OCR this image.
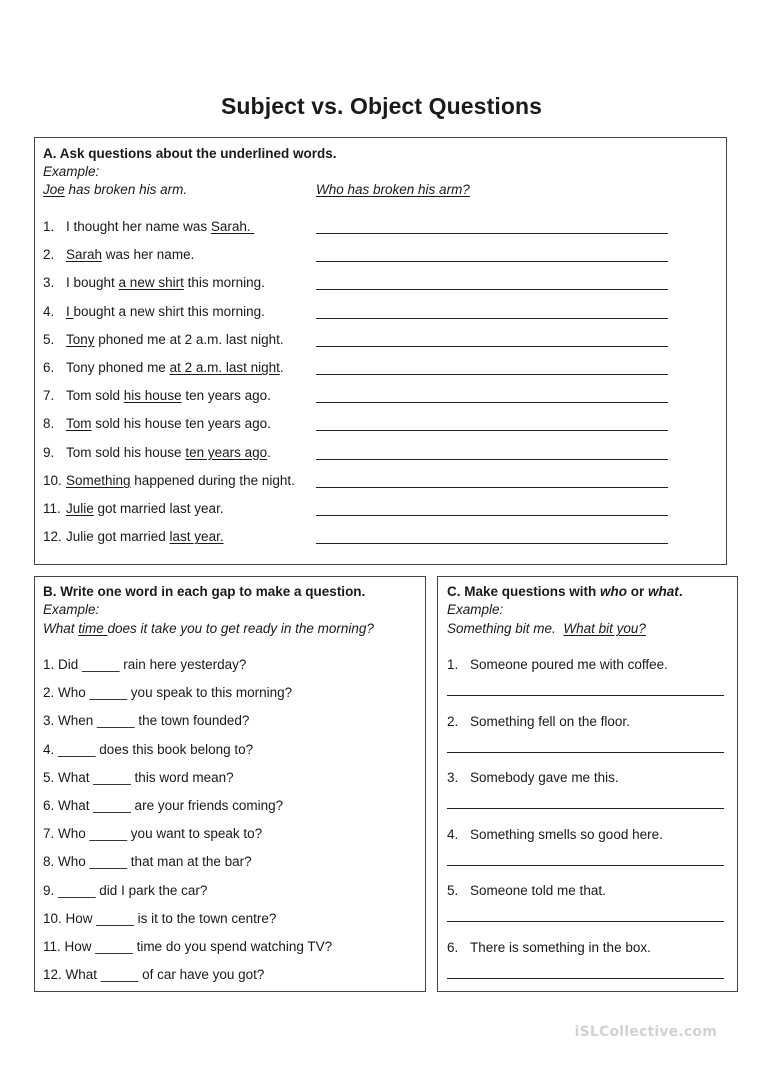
Subject vs. Object Questions
A. Ask questions about the underlined words.
Example:
Joe has broken his arm.	Who has broken his arm?
1. I thought her name was Sarah.
2. Sarah was her name.
3. I bought a new shirt this morning.
4. I bought a new shirt this morning.
5. Tony phoned me at 2 a.m. last night.
6. Tony phoned me at 2 a.m. last night.
7. Tom sold his house ten years ago.
8. Tom sold his house ten years ago.
9. Tom sold his house ten years ago.
10. Something happened during the night.
11. Julie got married last year.
12. Julie got married last year.
B. Write one word in each gap to make a question.
Example:
What time does it take you to get ready in the morning?
1. Did _____ rain here yesterday?
2. Who _____ you speak to this morning?
3. When _____ the town founded?
4. _____ does this book belong to?
5. What _____ this word mean?
6. What _____ are your friends coming?
7. Who _____ you want to speak to?
8. Who _____ that man at the bar?
9. _____ did I park the car?
10. How _____ is it to the town centre?
11. How _____ time do you spend watching TV?
12. What _____ of car have you got?
C. Make questions with who or what.
Example:
Something bit me. What bit you?
1. Someone poured me with coffee.
2. Something fell on the floor.
3. Somebody gave me this.
4. Something smells so good here.
5. Someone told me that.
6. There is something in the box.
iSLCollective.com
